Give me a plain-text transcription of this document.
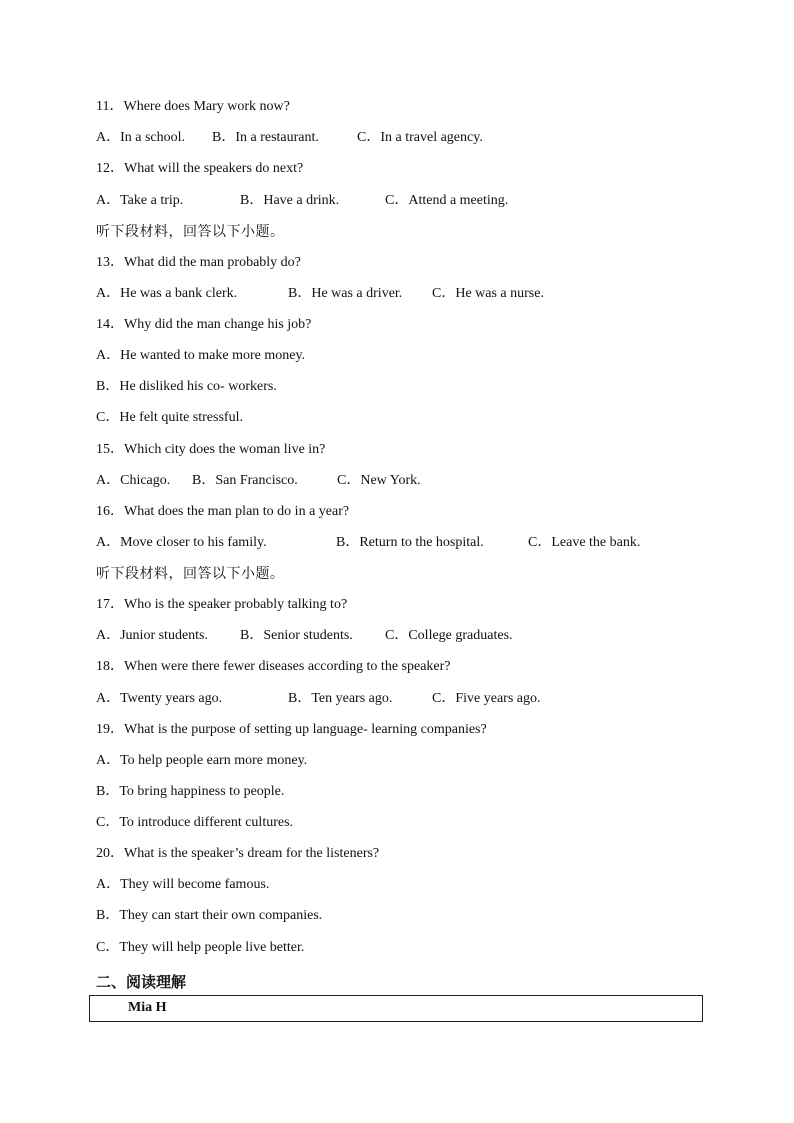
11．Where does Mary work now?
A．In a school. B．In a restaurant.	C．In a travel agency.
12．What will the speakers do next?
A．Take a trip.	B．Have a drink.	C．Attend a meeting.
听下段材料，回答以下小题。
13．What did the man probably do?
A．He was a bank clerk.	B．He was a driver. C．He was a nurse.
14．Why did the man change his job?
A．He wanted to make more money.
B．He disliked his co- workers.
C．He felt quite stressful.
15．Which city does the woman live in?
A．Chicago. B．San Francisco.	C．New York.
16．What does the man plan to do in a year?
A．Move closer to his family.	B．Return to the hospital.	C．Leave the bank.
听下段材料，回答以下小题。
17．Who is the speaker probably talking to?
A．Junior students. B．Senior students. C．College graduates.
18．When were there fewer diseases according to the speaker?
A．Twenty years ago.	B．Ten years ago.	C．Five years ago.
19．What is the purpose of setting up language- learning companies?
A．To help people earn more money.
B．To bring happiness to people.
C．To introduce different cultures.
20．What is the speaker’s dream for the listeners?
A．They will become famous.
B．They can start their own companies.
C．They will help people live better.
二、阅读理解
Mia H
